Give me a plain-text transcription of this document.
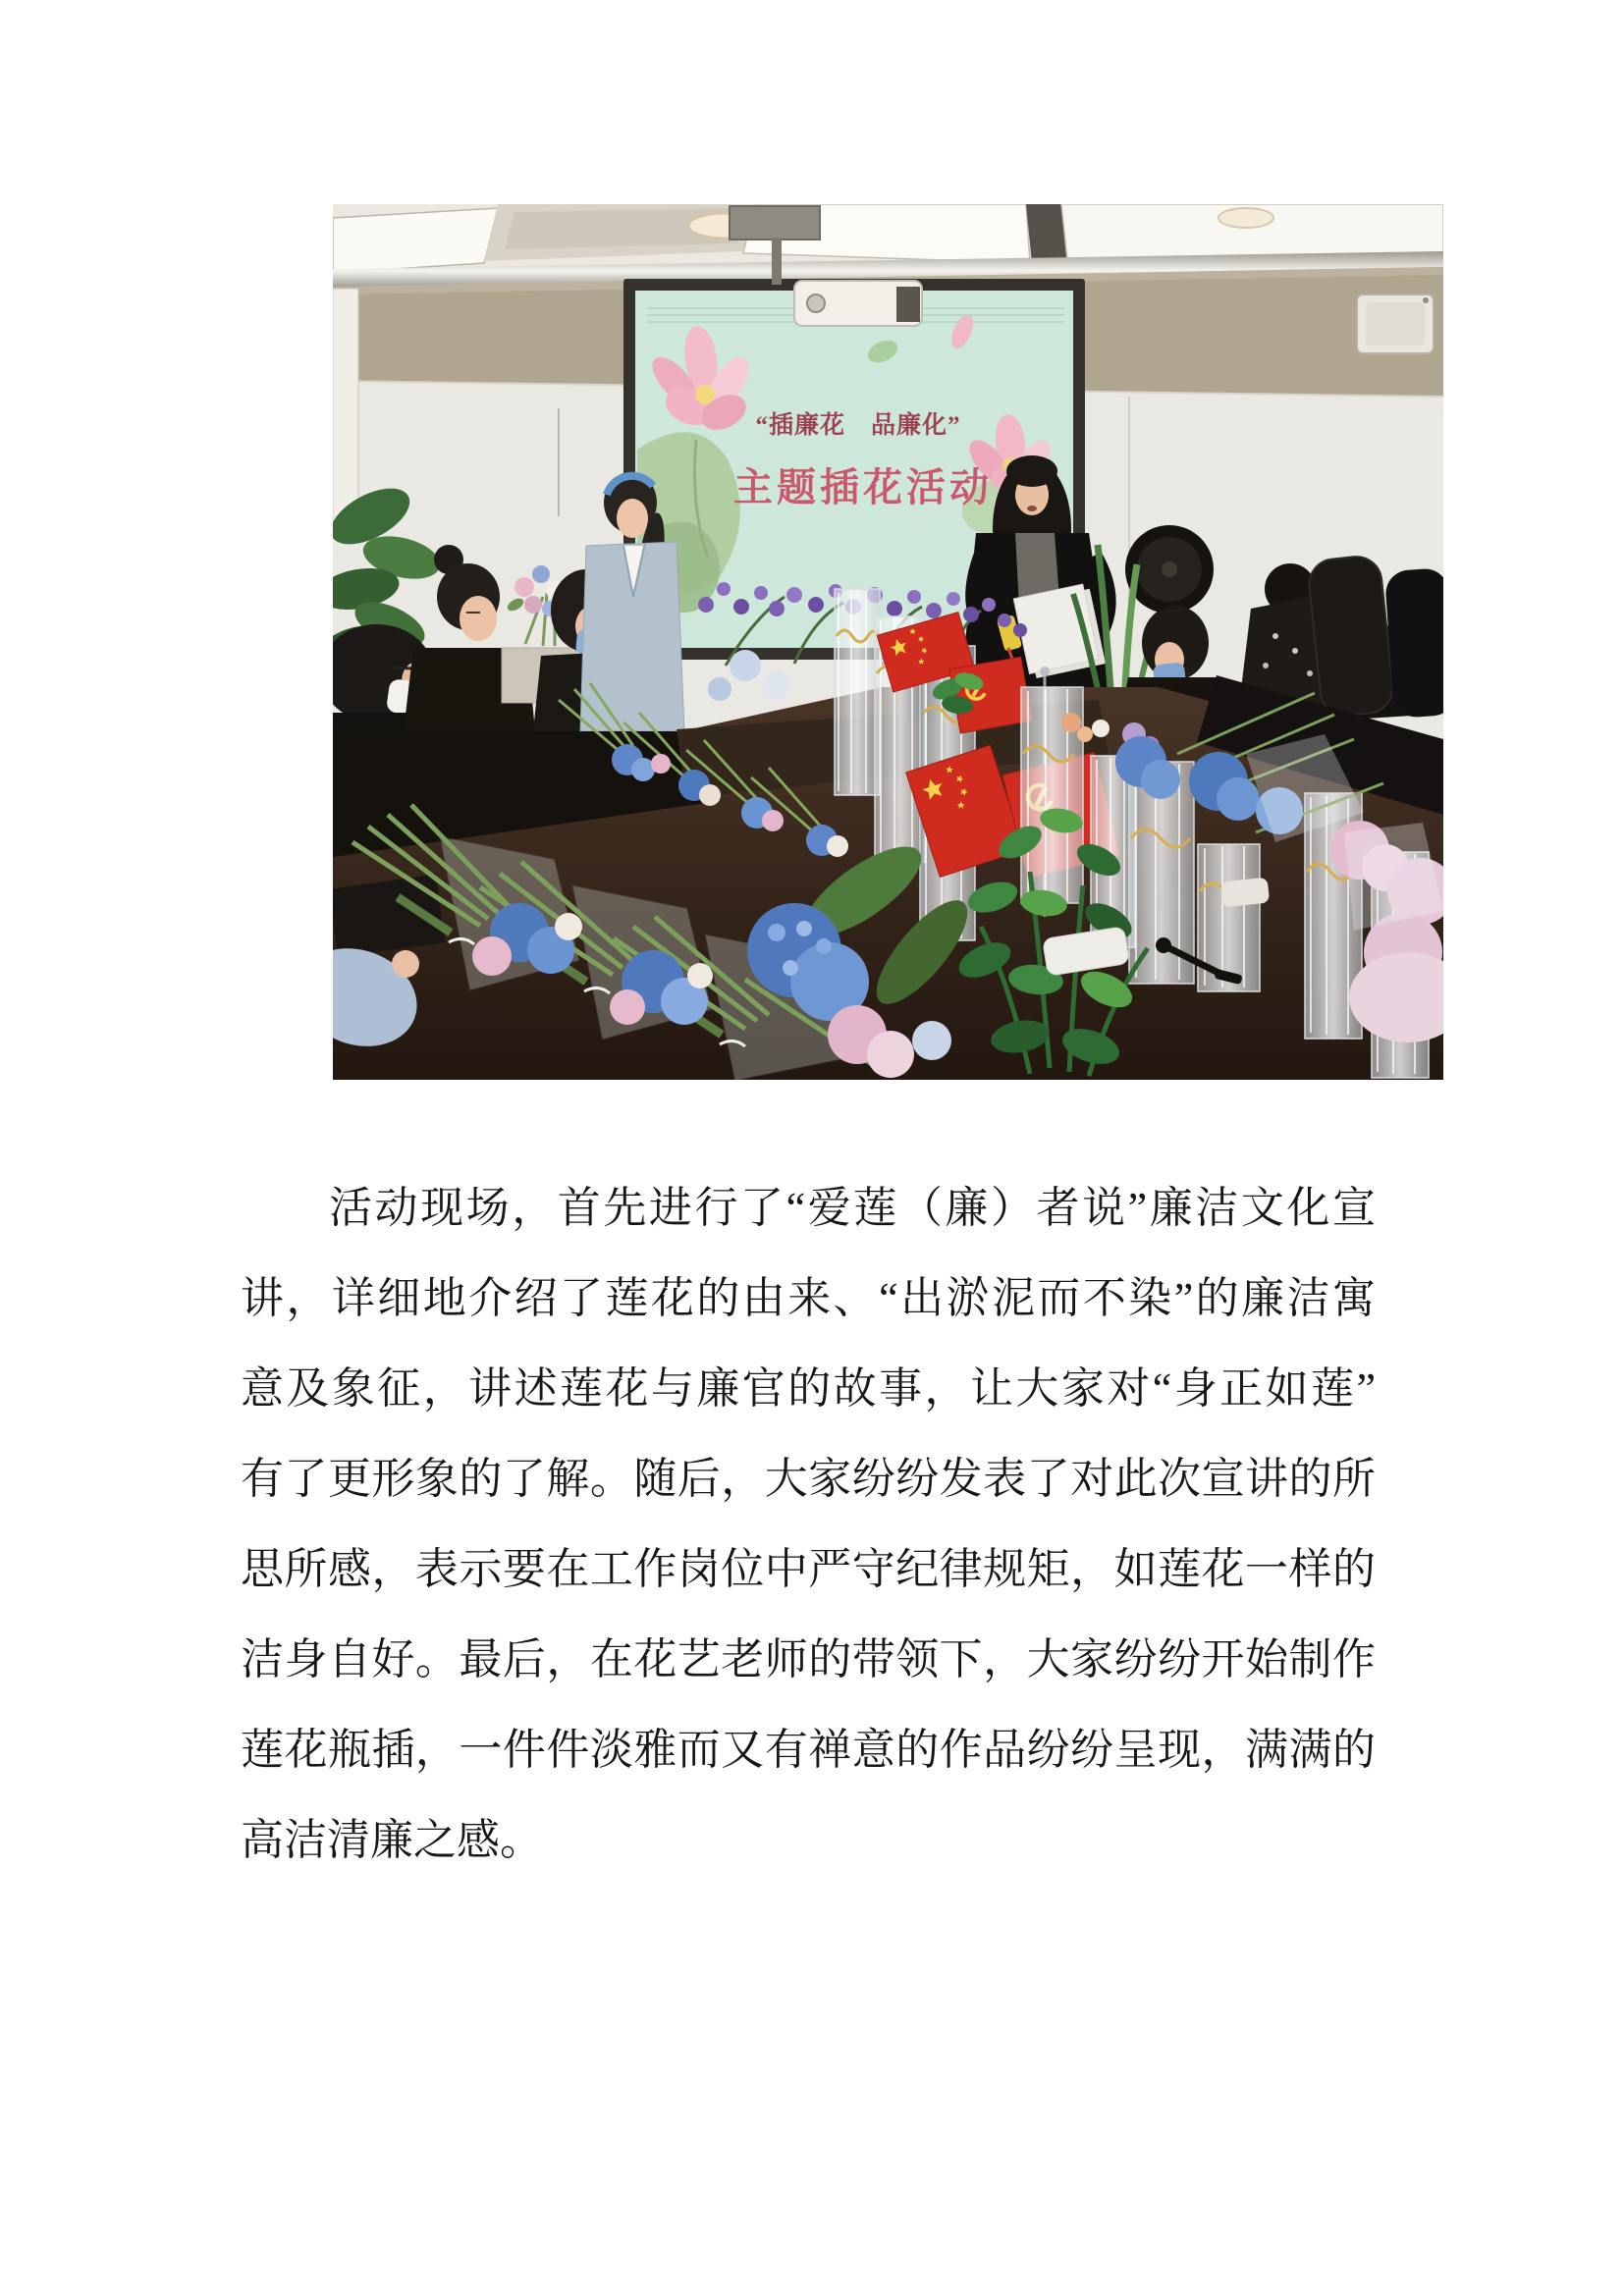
“插廉花　品廉化”
主题插花活动
活动现场，首先进行了“爱莲（廉）者说”廉洁文化宣
讲，详细地介绍了莲花的由来、“出淤泥而不染”的廉洁寓
意及象征，讲述莲花与廉官的故事，让大家对“身正如莲”
有了更形象的了解。随后，大家纷纷发表了对此次宣讲的所
思所感，表示要在工作岗位中严守纪律规矩，如莲花一样的
洁身自好。最后，在花艺老师的带领下，大家纷纷开始制作
莲花瓶插，一件件淡雅而又有禅意的作品纷纷呈现，满满的
高洁清廉之感。
